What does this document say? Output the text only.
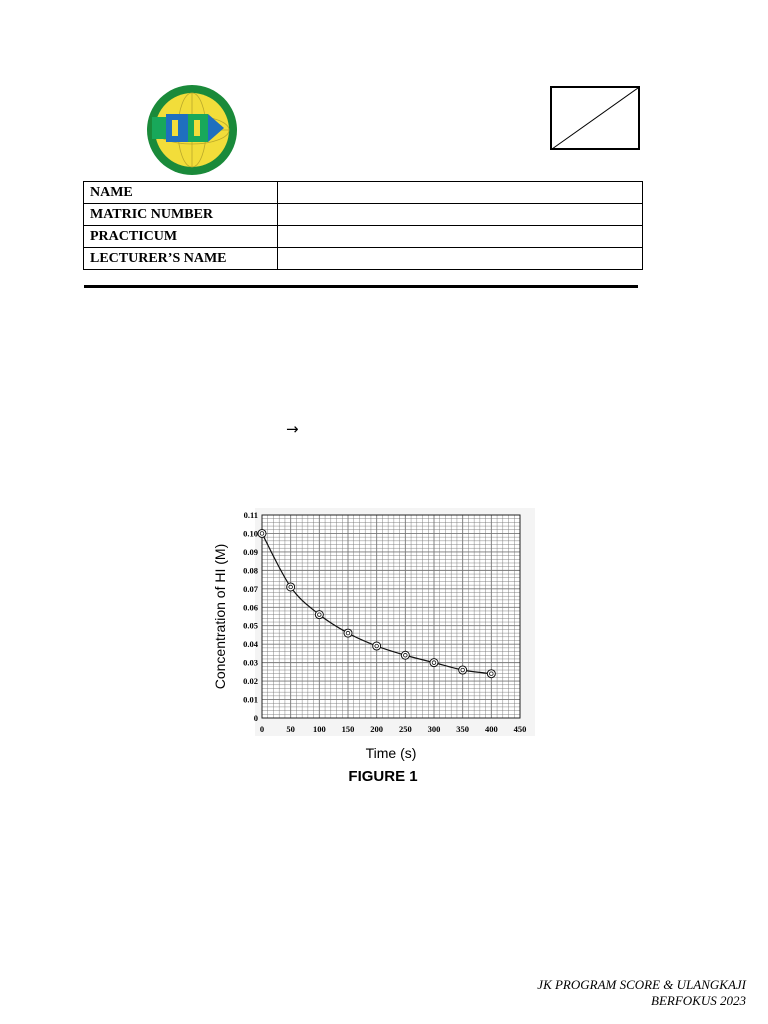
NAME	
MATRIC NUMBER	
PRACTICUM	
LECTURER’S NAME	
→
0	50 100 150 200 250 300 350 400 450
0
0.01
0.02
0.03
0.04
0.05
0.06
0.07
0.08
0.09
0.10
0.11
Time (s)
Concentration of HI (M)
FIGURE 1
JK PROGRAM SCORE & ULANGKAJI
BERFOKUS 2023
